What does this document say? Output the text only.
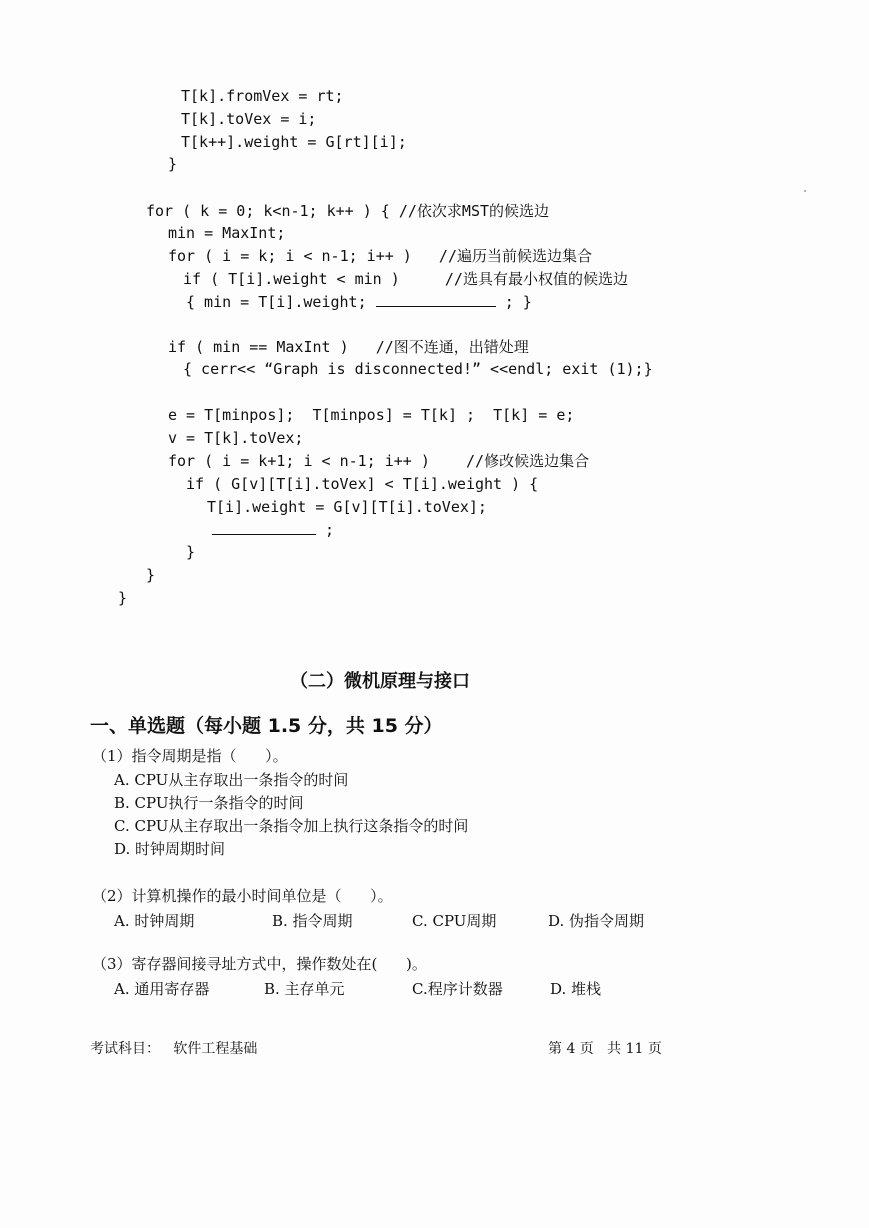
T[k].fromVex = rt;
T[k].toVex = i;
T[k++].weight = G[rt][i];
}
for ( k = 0; k<n-1; k++ ) { //依次求MST的候选边
min = MaxInt;
for ( i = k; i < n-1; i++ )   //遍历当前候选边集合
if ( T[i].weight < min )     //选具有最小权值的候选边
{ min = T[i].weight;	; }
if ( min == MaxInt )   //图不连通，出错处理
{ cerr<< “Graph is disconnected!” <<endl; exit (1);}
e = T[minpos];  T[minpos] = T[k] ;  T[k] = e;
v = T[k].toVex;
for ( i = k+1; i < n-1; i++ )    //修改候选边集合
if ( G[v][T[i].toVex] < T[i].weight ) {
T[i].weight = G[v][T[i].toVex];
;
}
}
}
（二）微机原理与接口
一、单选题（每小题 1.5 分，共 15 分）
（1）指令周期是指（      ）。
A. CPU从主存取出一条指令的时间
B. CPU执行一条指令的时间
C. CPU从主存取出一条指令加上执行这条指令的时间
D. 时钟周期时间
（2）计算机操作的最小时间单位是（      ）。
A. 时钟周期	B. 指令周期	C. CPU周期	D. 伪指令周期
（3）寄存器间接寻址方式中，操作数处在(      )。
A. 通用寄存器	B. 主存单元	C.程序计数器	D. 堆栈
考试科目：   软件工程基础	第 4 页   共 11 页
